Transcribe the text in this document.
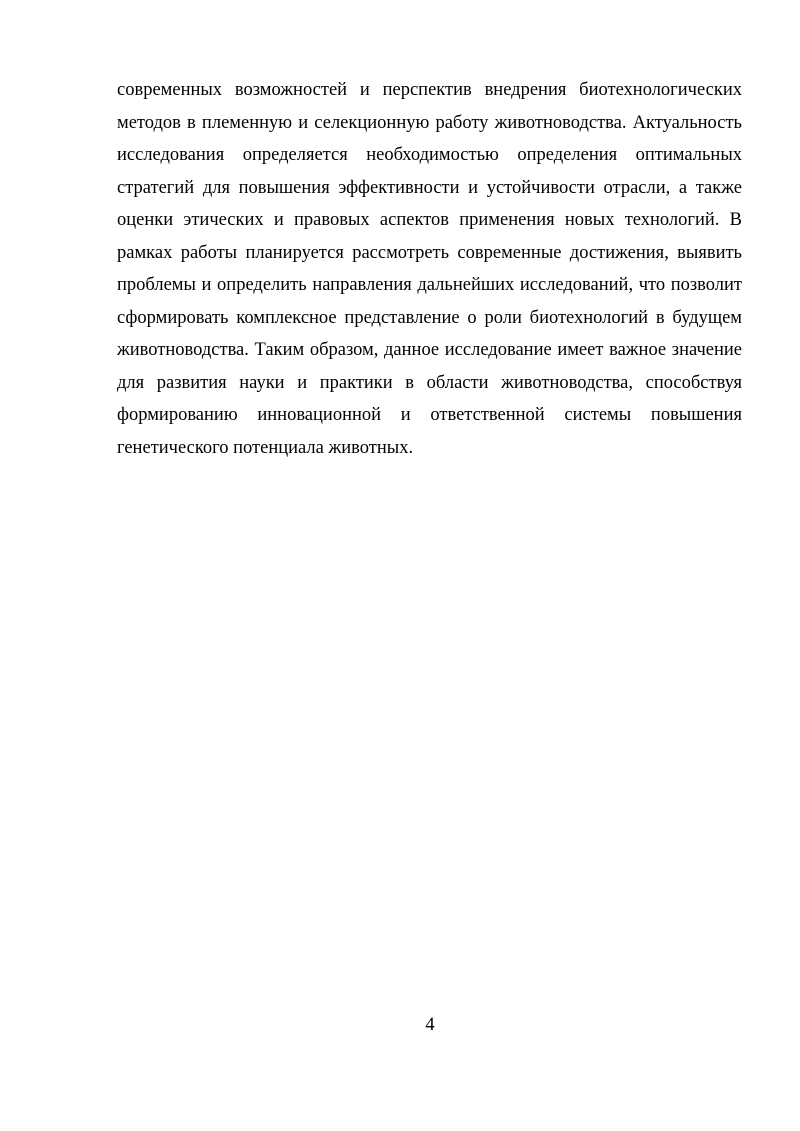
современных возможностей и перспектив внедрения биотехнологических
методов в племенную и селекционную работу животноводства. Актуальность
исследования определяется необходимостью определения оптимальных
стратегий для повышения эффективности и устойчивости отрасли, а также
оценки этических и правовых аспектов применения новых технологий. В
рамках работы планируется рассмотреть современные достижения, выявить
проблемы и определить направления дальнейших исследований, что позволит
сформировать комплексное представление о роли биотехнологий в будущем
животноводства. Таким образом, данное исследование имеет важное значение
для развития науки и практики в области животноводства, способствуя
формированию инновационной и ответственной системы повышения
генетического потенциала животных.
4
